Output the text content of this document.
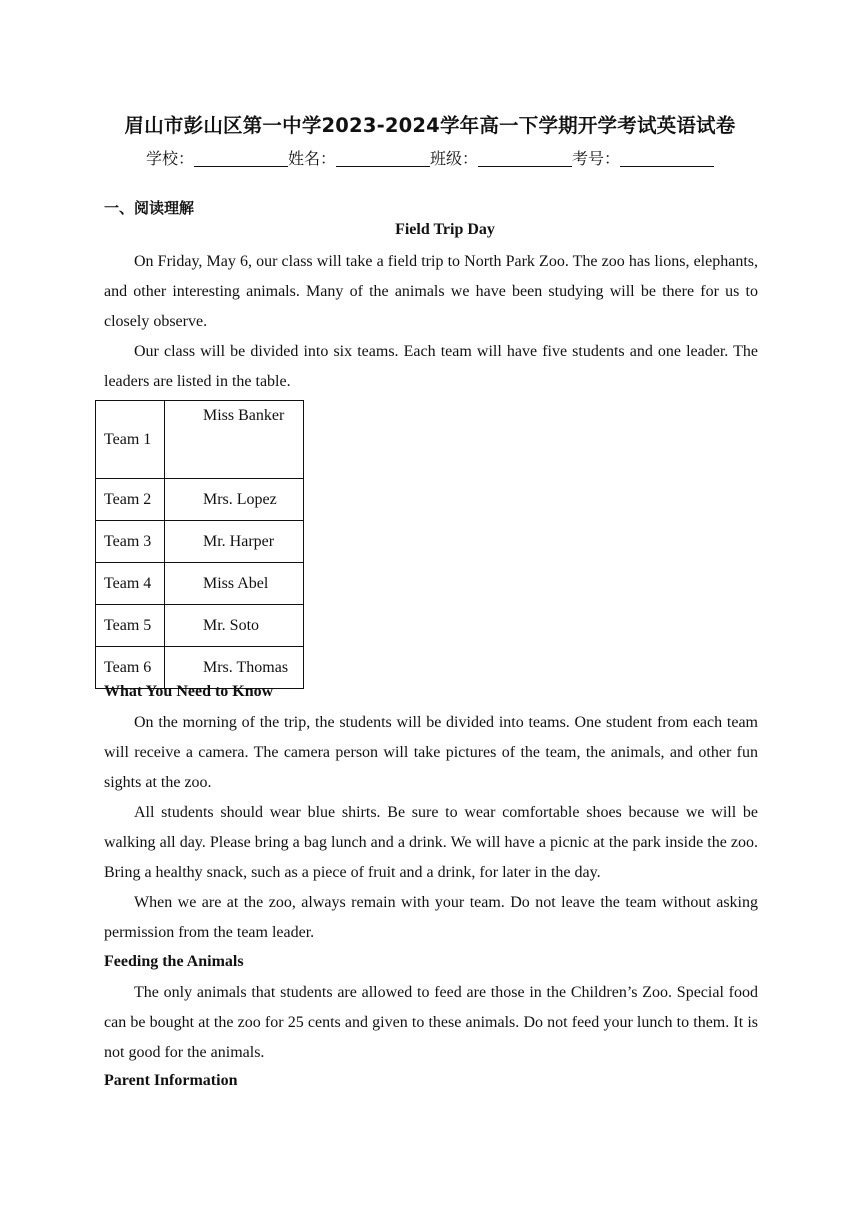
眉山市彭山区第一中学2023-2024学年高一下学期开学考试英语试卷
学校：	姓名：	班级：	考号：
一、阅读理解
Field Trip Day

On Friday, May 6, our class will take a field trip to North Park Zoo. The zoo has lions, elephants, and other interesting animals. Many of the animals we have been studying will be there for us to closely observe.

Our class will be divided into six teams. Each team will have five students and one leader. The leaders are listed in the table.

Team 1	Miss Banker
Team 2	Mrs. Lopez
Team 3	Mr. Harper
Team 4	Miss Abel
Team 5	Mr. Soto
Team 6	Mrs. Thomas
What You Need to Know

On the morning of the trip, the students will be divided into teams. One student from each team will receive a camera. The camera person will take pictures of the team, the animals, and other fun sights at the zoo.

All students should wear blue shirts. Be sure to wear comfortable shoes because we will be walking all day. Please bring a bag lunch and a drink. We will have a picnic at the park inside the zoo. Bring a healthy snack, such as a piece of fruit and a drink, for later in the day.

When we are at the zoo, always remain with your team. Do not leave the team without asking permission from the team leader.

Feeding the Animals

The only animals that students are allowed to feed are those in the Children’s Zoo. Special food can be bought at the zoo for 25 cents and given to these animals. Do not feed your lunch to them. It is not good for the animals.

Parent Information
